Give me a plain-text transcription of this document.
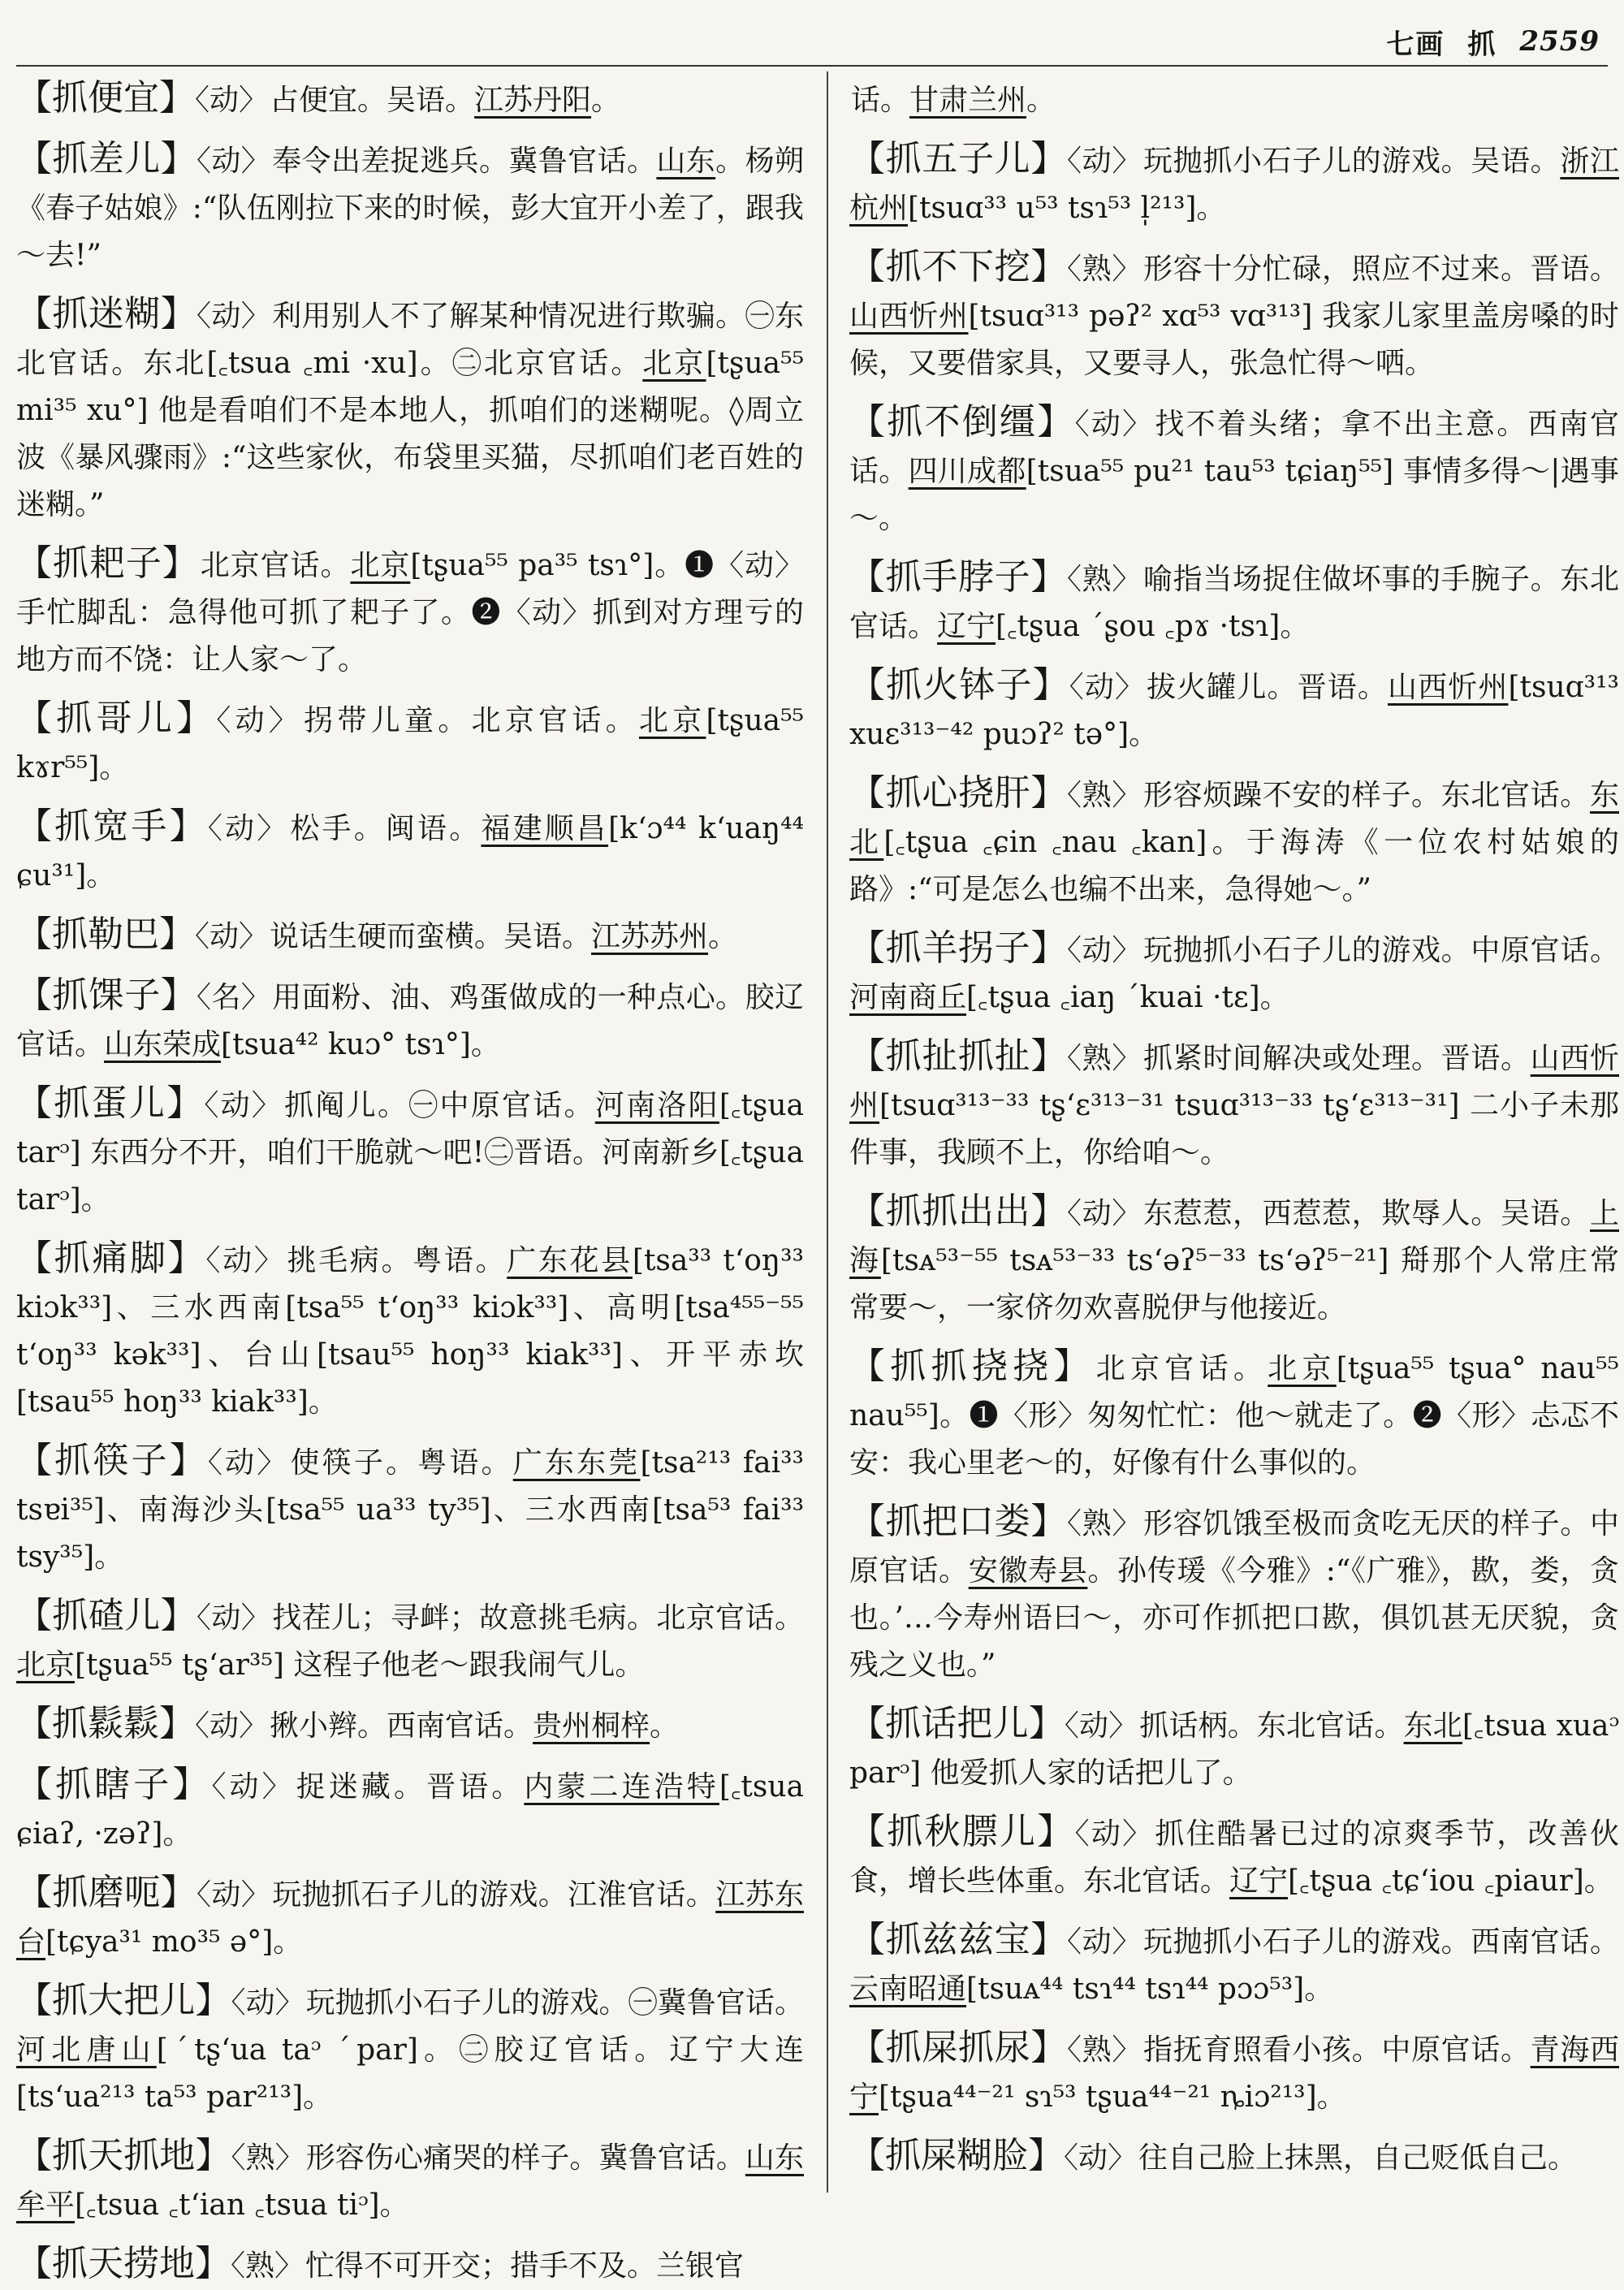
七画 抓 2559
【抓便宜】〈动〉占便宜。吴语。江苏丹阳。
【抓差儿】〈动〉奉令出差捉逃兵。冀鲁官话。山东。杨朔《春子姑娘》:“队伍刚拉下来的时候，彭大宜开小差了，跟我～去!”
【抓迷糊】〈动〉利用别人不了解某种情况进行欺骗。㊀东北官话。东北[꜀tsua ꜀mi ·xu]。㊁北京官话。北京[tʂua⁵⁵ mi³⁵ xu°] 他是看咱们不是本地人，抓咱们的迷糊呢。◊周立波《暴风骤雨》:“这些家伙，布袋里买猫，尽抓咱们老百姓的迷糊。”
【抓耙子】北京官话。北京[tʂua⁵⁵ pa³⁵ tsɿ°]。❶〈动〉手忙脚乱：急得他可抓了耙子了。❷〈动〉抓到对方理亏的地方而不饶：让人家～了。
【抓哥儿】〈动〉拐带儿童。北京官话。北京[tʂua⁵⁵ kɤr⁵⁵]。
【抓宽手】〈动〉松手。闽语。福建顺昌[kʻɔ⁴⁴ kʻuaŋ⁴⁴ ɕu³¹]。
【抓勒巴】〈动〉说话生硬而蛮横。吴语。江苏苏州。
【抓馃子】〈名〉用面粉、油、鸡蛋做成的一种点心。胶辽官话。山东荣成[tsua⁴² kuɔ° tsɿ°]。
【抓蛋儿】〈动〉抓阄儿。㊀中原官话。河南洛阳[꜀tʂua tarᵓ] 东西分不开，咱们干脆就～吧!㊁晋语。河南新乡[꜀tʂua tarᵓ]。
【抓痛脚】〈动〉挑毛病。粤语。广东花县[tsa³³ tʻoŋ³³ kiɔk³³]、三水西南[tsa⁵⁵ tʻoŋ³³ kiɔk³³]、高明[tsa⁴⁵⁵⁻⁵⁵ tʻoŋ³³ kək³³]、台山[tsau⁵⁵ hoŋ³³ kiak³³]、开平赤坎[tsau⁵⁵ hoŋ³³ kiak³³]。
【抓筷子】〈动〉使筷子。粤语。广东东莞[tsa²¹³ fai³³ tsɐi³⁵]、南海沙头[tsa⁵⁵ ua³³ ty³⁵]、三水西南[tsa⁵³ fai³³ tsy³⁵]。
【抓碴儿】〈动〉找茬儿；寻衅；故意挑毛病。北京官话。北京[tʂua⁵⁵ tʂʻar³⁵] 这程子他老～跟我闹气儿。
【抓鬏鬏】〈动〉揪小辫。西南官话。贵州桐梓。
【抓瞎子】〈动〉捉迷藏。晋语。内蒙二连浩特[꜀tsua ɕiaʔ, ·zəʔ]。
【抓磨呃】〈动〉玩抛抓石子儿的游戏。江淮官话。江苏东台[tɕya³¹ mo³⁵ ə°]。
【抓大把儿】〈动〉玩抛抓小石子儿的游戏。㊀冀鲁官话。河北唐山[ˊtʂʻua taᵓ ˊpar]。㊁胶辽官话。辽宁大连[tsʻua²¹³ ta⁵³ par²¹³]。
【抓天抓地】〈熟〉形容伤心痛哭的样子。冀鲁官话。山东牟平[꜀tsua ꜀tʻian ꜀tsua tiᵓ]。
【抓天捞地】〈熟〉忙得不可开交；措手不及。兰银官
话。甘肃兰州。
【抓五子儿】〈动〉玩抛抓小石子儿的游戏。吴语。浙江杭州[tsuɑ³³ u⁵³ tsɿ⁵³ l̩²¹³]。
【抓不下挖】〈熟〉形容十分忙碌，照应不过来。晋语。山西忻州[tsuɑ³¹³ pəʔ² xɑ⁵³ vɑ³¹³] 我家儿家里盖房嗓的时候，又要借家具，又要寻人，张急忙得～哂。
【抓不倒缰】〈动〉找不着头绪；拿不出主意。西南官话。四川成都[tsua⁵⁵ pu²¹ tau⁵³ tɕiaŋ⁵⁵] 事情多得～|遇事～。
【抓手脖子】〈熟〉喻指当场捉住做坏事的手腕子。东北官话。辽宁[꜀tʂua ˊʂou ꜀pɤ ·tsɿ]。
【抓火钵子】〈动〉拔火罐儿。晋语。山西忻州[tsuɑ³¹³ xuɛ³¹³⁻⁴² puɔʔ² tə°]。
【抓心挠肝】〈熟〉形容烦躁不安的样子。东北官话。东北[꜀tʂua ꜀ɕin ꜀nau ꜀kan]。于海涛《一位农村姑娘的路》:“可是怎么也编不出来，急得她～。”
【抓羊拐子】〈动〉玩抛抓小石子儿的游戏。中原官话。河南商丘[꜀tʂua ꜀iaŋ ˊkuai ·tɛ]。
【抓扯抓扯】〈熟〉抓紧时间解决或处理。晋语。山西忻州[tsuɑ³¹³⁻³³ tʂʻɛ³¹³⁻³¹ tsuɑ³¹³⁻³³ tʂʻɛ³¹³⁻³¹] 二小子未那件事，我顾不上，你给咱～。
【抓抓出出】〈动〉东惹惹，西惹惹，欺辱人。吴语。上海[tsᴀ⁵³⁻⁵⁵ tsᴀ⁵³⁻³³ tsʻəʔ⁵⁻³³ tsʻəʔ⁵⁻²¹] 搿那个人常庄常常要～，一家侪勿欢喜脱伊与他接近。
【抓抓挠挠】北京官话。北京[tʂua⁵⁵ tʂua° nau⁵⁵ nau⁵⁵]。❶〈形〉匆匆忙忙：他～就走了。❷〈形〉忐忑不安：我心里老～的，好像有什么事似的。
【抓把口娄】〈熟〉形容饥饿至极而贪吃无厌的样子。中原官话。安徽寿县。孙传瑗《今雅》:“《广雅》，歁，娄，贪也。’…今寿州语曰～，亦可作抓把口歁，俱饥甚无厌貌，贪残之义也。”
【抓话把儿】〈动〉抓话柄。东北官话。东北[꜀tsua xuaᵓ parᵓ] 他爱抓人家的话把儿了。
【抓秋膘儿】〈动〉抓住酷暑已过的凉爽季节，改善伙食，增长些体重。东北官话。辽宁[꜀tʂua ꜀tɕʻiou ꜀piaur]。
【抓兹兹宝】〈动〉玩抛抓小石子儿的游戏。西南官话。云南昭通[tsuᴀ⁴⁴ tsɿ⁴⁴ tsɿ⁴⁴ pɔɔ⁵³]。
【抓屎抓尿】〈熟〉指抚育照看小孩。中原官话。青海西宁[tʂua⁴⁴⁻²¹ sɿ⁵³ tʂua⁴⁴⁻²¹ ȵiɔ²¹³]。
【抓屎糊脸】〈动〉往自己脸上抹黑，自己贬低自己。
